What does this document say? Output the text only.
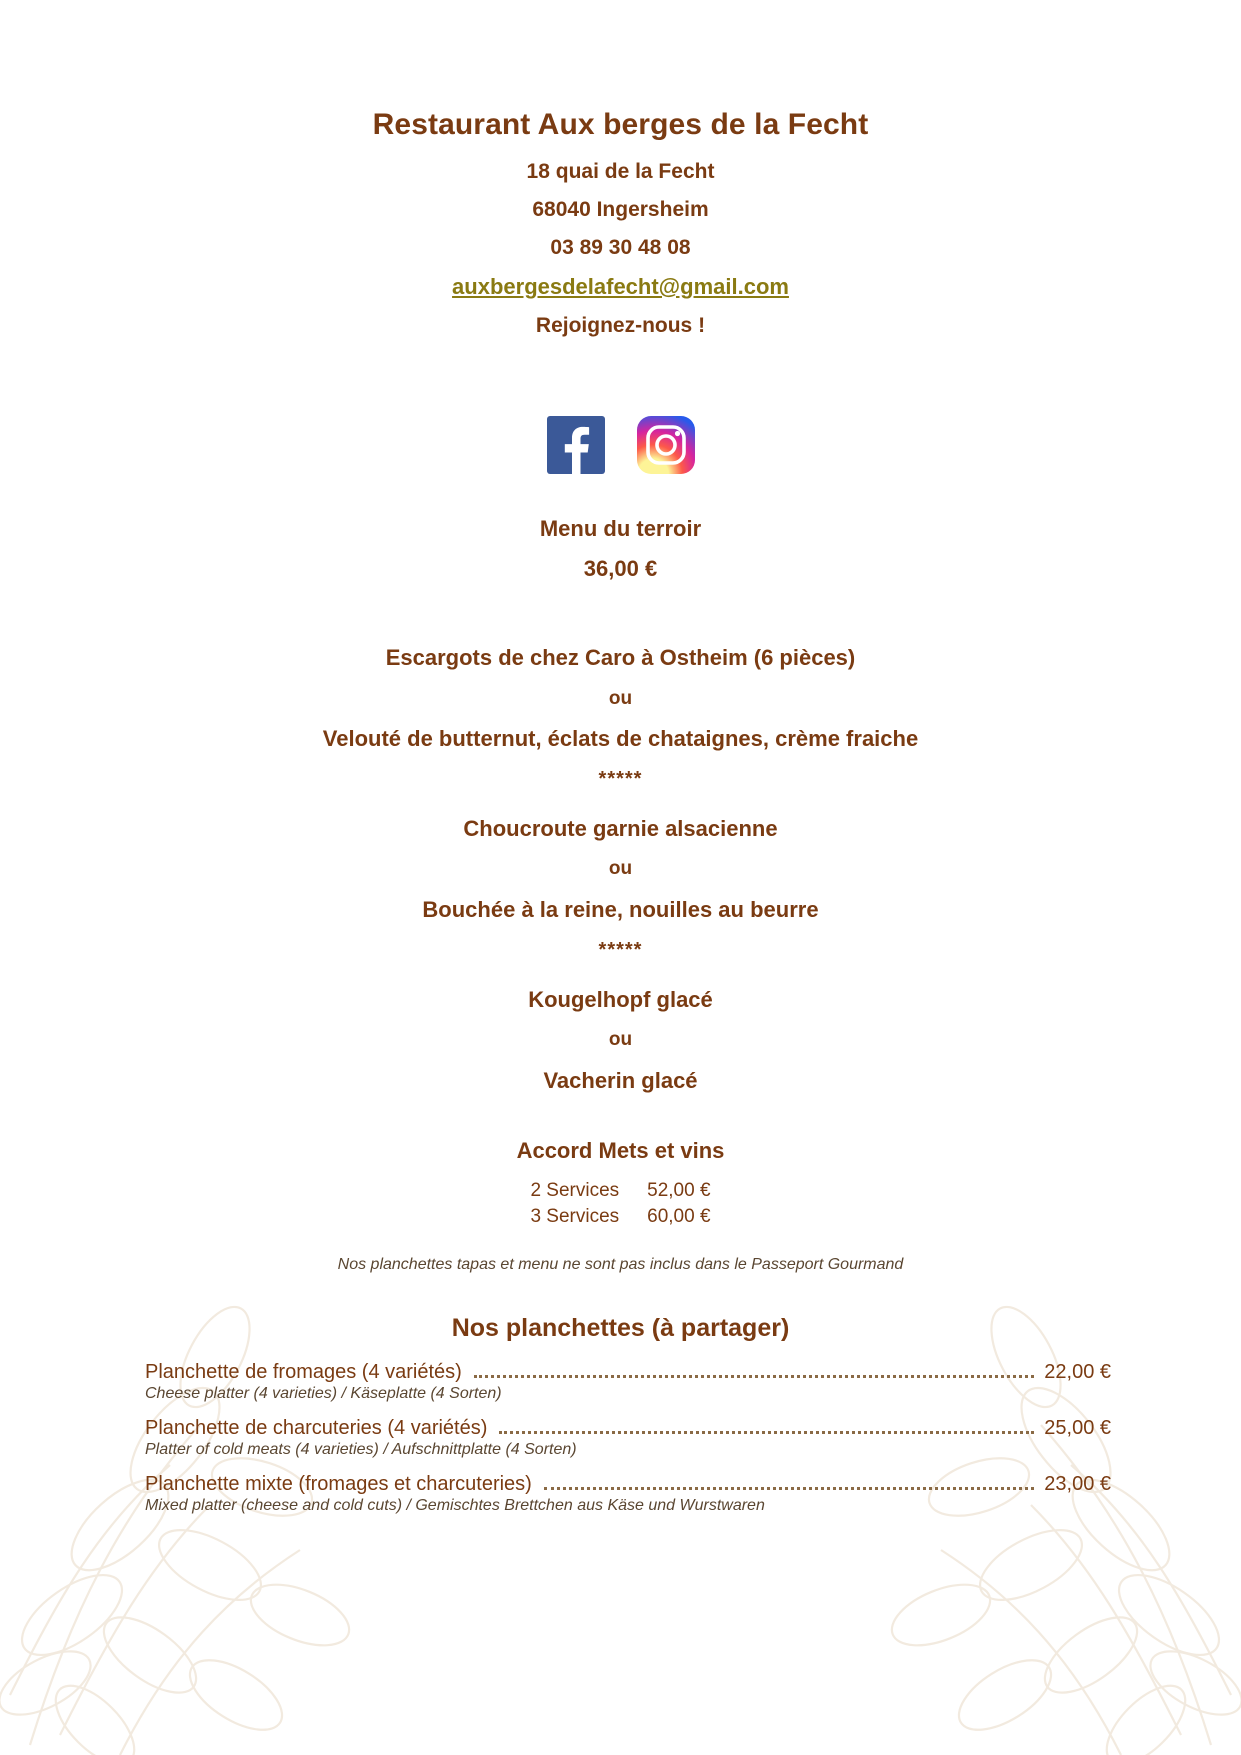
Restaurant Aux berges de la Fecht
18 quai de la Fecht
68040 Ingersheim
03 89 30 48 08
auxbergesdelafecht@gmail.com
Rejoignez-nous !
Menu du terroir
36,00 €
Escargots de chez Caro à Ostheim (6 pièces)
ou
Velouté de butternut, éclats de chataignes, crème fraiche
*****
Choucroute garnie alsacienne
ou
Bouchée à la reine, nouilles au beurre
*****
Kougelhopf glacé
ou
Vacherin glacé
Accord Mets et vins
2 Services	52,00 €
3 Services	60,00 €
Nos planchettes tapas et menu ne sont pas inclus dans le Passeport Gourmand
Nos planchettes (à partager)
Planchette de fromages (4 variétés)	22,00 €
Cheese platter (4 varieties) / Käseplatte (4 Sorten)
Planchette de charcuteries (4 variétés)	25,00 €
Platter of cold meats (4 varieties) / Aufschnittplatte (4 Sorten)
Planchette mixte (fromages et charcuteries)	23,00 €
Mixed platter (cheese and cold cuts) / Gemischtes Brettchen aus Käse und Wurstwaren
